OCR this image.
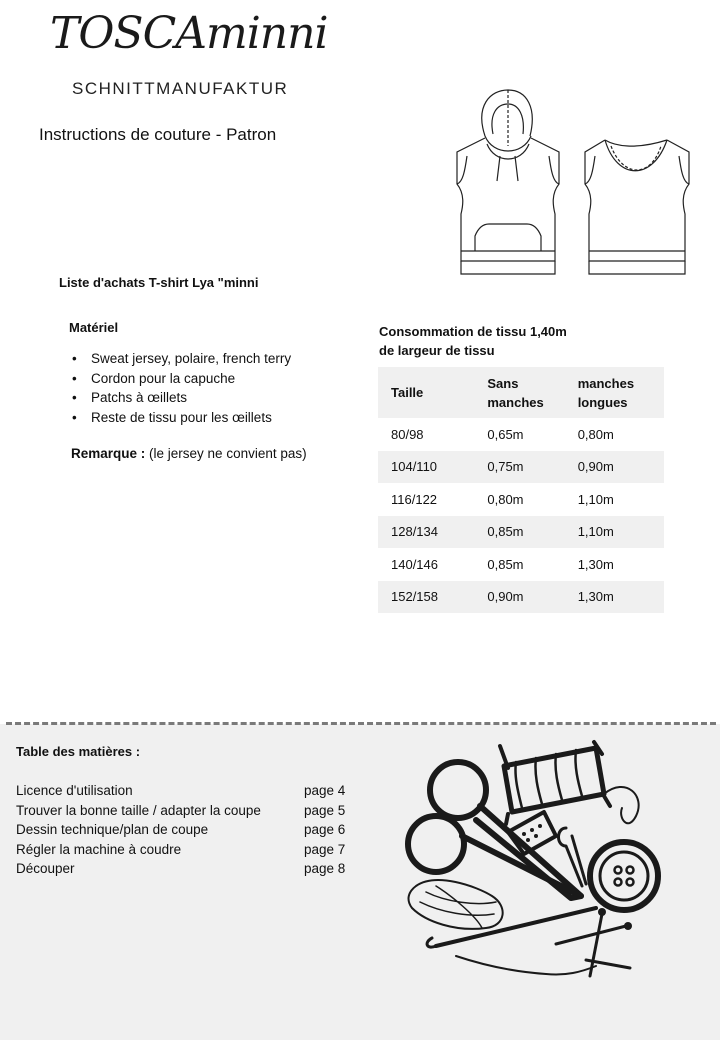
TOSCAminni
SCHNITTMANUFAKTUR
Instructions de couture - Patron
Liste d'achats T-shirt Lya "minni
Matériel
• Sweat jersey, polaire, french terry
• Cordon pour la capuche
• Patchs à œillets
• Reste de tissu pour les œillets
Remarque : (le jersey ne convient pas)
Consommation de tissu 1,40m
de largeur de tissu
Taille	Sans manches	manches longues
80/98	0,65m	0,80m
104/110	0,75m	0,90m
116/122	0,80m	1,10m
128/134	0,85m	1,10m
140/146	0,85m	1,30m
152/158	0,90m	1,30m
Table des matières :
Licence d'utilisation	page 4
Trouver la bonne taille / adapter la coupe	page 5
Dessin technique/plan de coupe	page 6
Régler la machine à coudre	page 7
Découper	page 8
